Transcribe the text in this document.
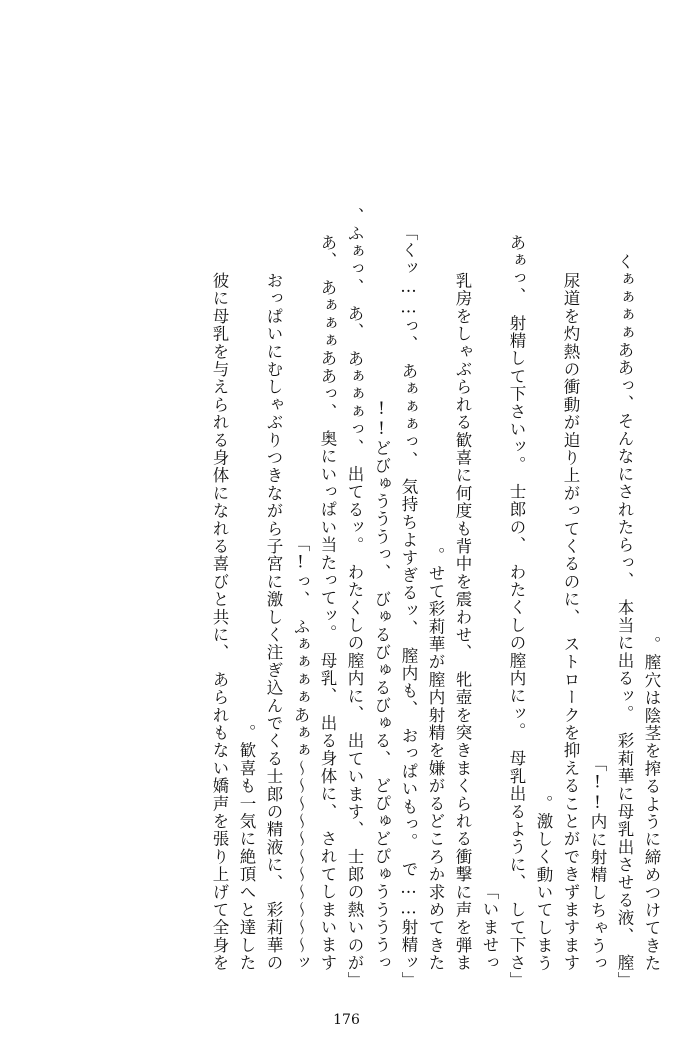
膣穴は陰茎を搾るように締めつけてきた。
「くぁぁぁぁああっ、そんなにされたらっ、　本当に出るッ。　彩莉華に母乳出させる液、　膣
内に射精しちゃうっ!!」
尿道を灼熱の衝動が迫り上がってくるのに、　ストロークを抑えることができずますます
激しく動いてしまう。
「あぁっ、　射精して下さいッ。　士郎の、　わたくしの膣内にッ。　母乳出るように、　して下さ
いませっ」
乳房をしゃぶられる歓喜に何度も背中を震わせ、　牝壺を突きまくられる衝撃に声を弾ま
せて彩莉華が膣内射精を嫌がるどころか求めてきた。
「くッ……っ、　あぁぁぁっ、　気持ちよすぎるッ、　膣内も、　おっぱいもっ。　で……射精ッ」
どびゅうううっ、　びゅるびゅるびゅる、　どぴゅどぴゅううううっ!!
「ふぁっ、　あ、　あぁぁぁっ、　出てるッ。　わたくしの膣内に、　出ています、　士郎の熱いのが、
あ、　あぁぁぁああっ、　奥にいっぱい当たってッ。　母乳、　出る身体に、　されてしまいます
っ、　ふぁぁぁぁあぁぁ～～～～～～～～～～～ッ!」
おっぱいにむしゃぶりつきながら子宮に激しく注ぎ込んでくる士郎の精液に、　彩莉華の
歓喜も一気に絶頂へと達した。
彼に母乳を与えられる身体になれる喜びと共に、　あられもない嬌声を張り上げて全身を
176
